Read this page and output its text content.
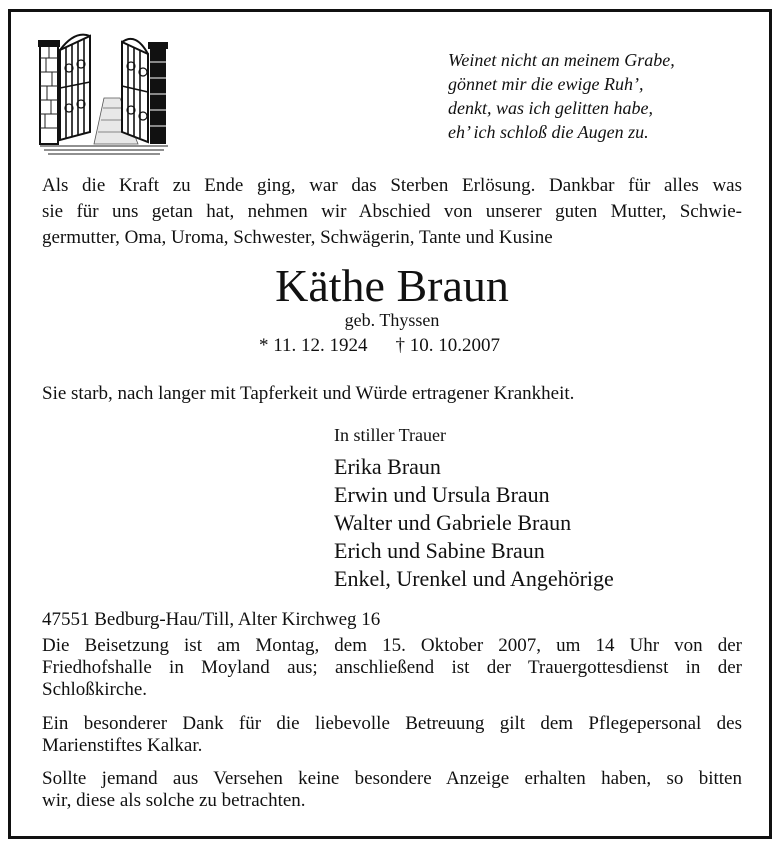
Weinet nicht an meinem Grabe,
gönnet mir die ewige Ruh’,
denkt, was ich gelitten habe,
eh’ ich schloß die Augen zu.
Als die Kraft zu Ende ging, war das Sterben Erlösung. Dankbar für alles was
sie für uns getan hat, nehmen wir Abschied von unserer guten Mutter, Schwie-
germutter, Oma, Uroma, Schwester, Schwägerin, Tante und Kusine
Käthe Braun
geb. Thyssen
* 11. 12. 1924 † 10. 10.2007
Sie starb, nach langer mit Tapferkeit und Würde ertragener Krankheit.
In stiller Trauer
Erika Braun
Erwin und Ursula Braun
Walter und Gabriele Braun
Erich und Sabine Braun
Enkel, Urenkel und Angehörige
47551 Bedburg-Hau/Till, Alter Kirchweg 16
Die Beisetzung ist am Montag, dem 15. Oktober 2007, um 14 Uhr von der
Friedhofshalle in Moyland aus; anschließend ist der Trauergottesdienst in der
Schloßkirche.
Ein besonderer Dank für die liebevolle Betreuung gilt dem Pflegepersonal des
Marienstiftes Kalkar.
Sollte jemand aus Versehen keine besondere Anzeige erhalten haben, so bitten
wir, diese als solche zu betrachten.
